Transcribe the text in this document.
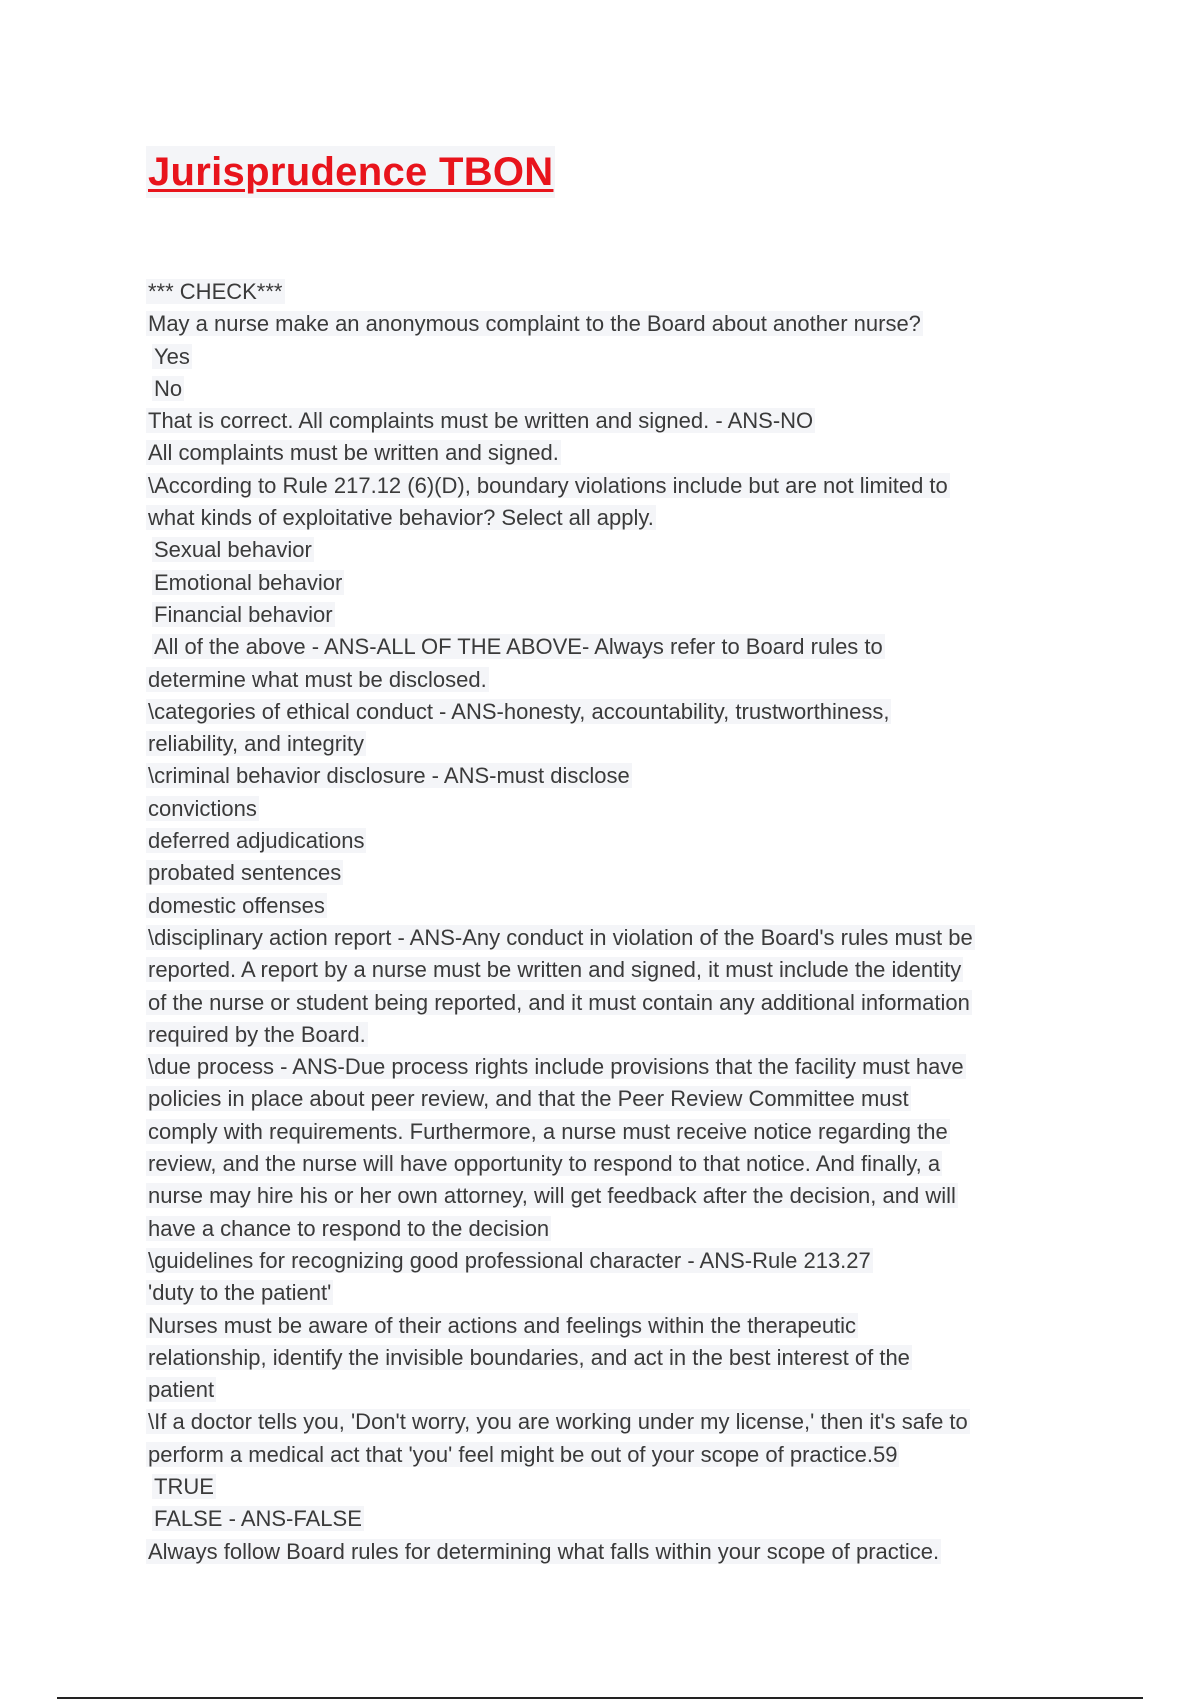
Jurisprudence TBON
*** CHECK***
May a nurse make an anonymous complaint to the Board about another nurse?
Yes
No
That is correct. All complaints must be written and signed. - ANS-NO
All complaints must be written and signed.
\According to Rule 217.12 (6)(D), boundary violations include but are not limited to
what kinds of exploitative behavior? Select all apply.
Sexual behavior
Emotional behavior
Financial behavior
All of the above - ANS-ALL OF THE ABOVE- Always refer to Board rules to
determine what must be disclosed.
\categories of ethical conduct - ANS-honesty, accountability, trustworthiness,
reliability, and integrity
\criminal behavior disclosure - ANS-must disclose
convictions
deferred adjudications
probated sentences
domestic offenses
\disciplinary action report - ANS-Any conduct in violation of the Board's rules must be
reported. A report by a nurse must be written and signed, it must include the identity
of the nurse or student being reported, and it must contain any additional information
required by the Board.
\due process - ANS-Due process rights include provisions that the facility must have
policies in place about peer review, and that the Peer Review Committee must
comply with requirements. Furthermore, a nurse must receive notice regarding the
review, and the nurse will have opportunity to respond to that notice. And finally, a
nurse may hire his or her own attorney, will get feedback after the decision, and will
have a chance to respond to the decision
\guidelines for recognizing good professional character - ANS-Rule 213.27
'duty to the patient'
Nurses must be aware of their actions and feelings within the therapeutic
relationship, identify the invisible boundaries, and act in the best interest of the
patient
\If a doctor tells you, 'Don't worry, you are working under my license,' then it's safe to
perform a medical act that 'you' feel might be out of your scope of practice.59
TRUE
FALSE - ANS-FALSE
Always follow Board rules for determining what falls within your scope of practice.
